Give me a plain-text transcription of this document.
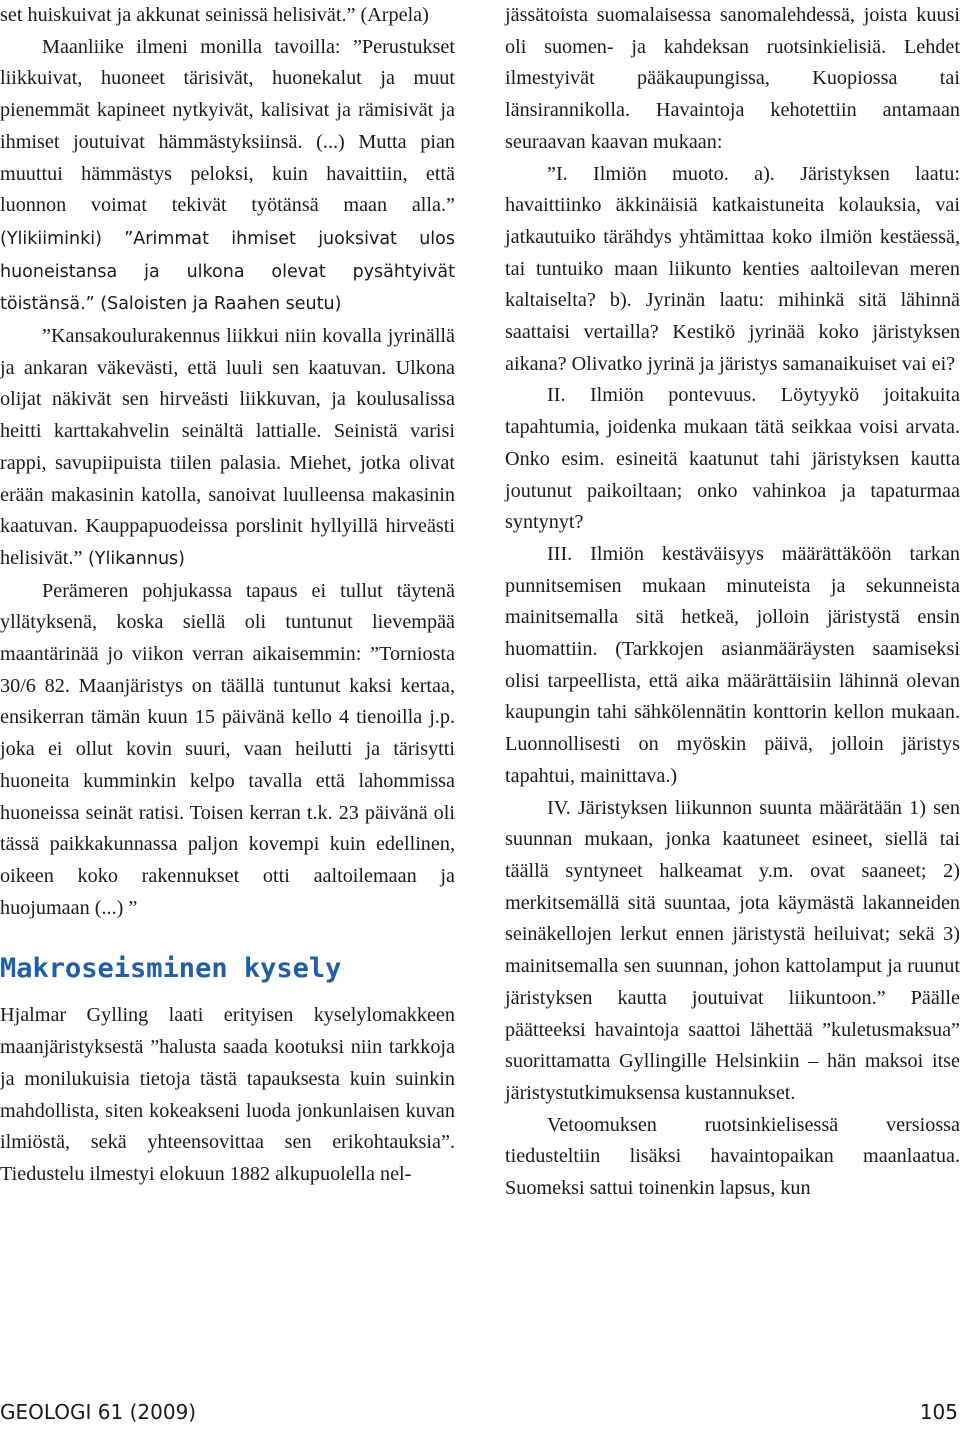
set huiskuivat ja akkunat seinissä helisivät.” (Arpela)

Maanliike ilmeni monilla tavoilla: ”Perustukset liikkuivat, huoneet tärisivät, huonekalut ja muut pienemmät kapineet nytkyivät, kalisivat ja rämisivät ja ihmiset joutuivat hämmästyksiinsä. (...) Mutta pian muuttui hämmästys peloksi, kuin havaittiin, että luonnon voimat tekivät työtänsä maan alla.” (Ylikiiminki) ”Arimmat ihmiset juoksivat ulos huoneistansa ja ulkona olevat pysähtyivät töistänsä.” (Saloisten ja Raahen seutu)

”Kansakoulurakennus liikkui niin kovalla jyrinällä ja ankaran väkevästi, että luuli sen kaatuvan. Ulkona olijat näkivät sen hirveästi liikkuvan, ja koulusalissa heitti karttakahvelin seinältä lattialle. Seinistä varisi rappi, savupiipuista tiilen palasia. Miehet, jotka olivat erään makasinin katolla, sanoivat luulleensa makasinin kaatuvan. Kauppapuodeissa porslinit hyllyillä hirveästi helisivät.” (Ylikannus)

Perämeren pohjukassa tapaus ei tullut täytenä yllätyksenä, koska siellä oli tuntunut lievempää maantärinää jo viikon verran aikaisemmin: ”Torniosta 30/6 82. Maanjäristys on täällä tuntunut kaksi kertaa, ensikerran tämän kuun 15 päivänä kello 4 tienoilla j.p. joka ei ollut kovin suuri, vaan heilutti ja tärisytti huoneita kumminkin kelpo tavalla että lahommissa huoneissa seinät ratisi. Toisen kerran t.k. 23 päivänä oli tässä paikkakunnassa paljon kovempi kuin edellinen, oikeen koko rakennukset otti aaltoilemaan ja huojumaan (...) ”

Makroseisminen kysely

Hjalmar Gylling laati erityisen kyselylomakkeen maanjäristyksestä ”halusta saada kootuksi niin tarkkoja ja monilukuisia tietoja tästä tapauksesta kuin suinkin mahdollista, siten kokeakseni luoda jonkunlaisen kuvan ilmiöstä, sekä yhteensovittaa sen erikohtauksia”. Tiedustelu ilmestyi elokuun 1882 alkupuolella nel-

jässätoista suomalaisessa sanomalehdessä, joista kuusi oli suomen- ja kahdeksan ruotsinkielisiä. Lehdet ilmestyivät pääkaupungissa, Kuopiossa tai länsirannikolla. Havaintoja kehotettiin antamaan seuraavan kaavan mukaan:

”I. Ilmiön muoto. a). Järistyksen laatu: havaittiinko äkkinäisiä katkaistuneita kolauksia, vai jatkautuiko tärähdys yhtämittaa koko ilmiön kestäessä, tai tuntuiko maan liikunto kenties aaltoilevan meren kaltaiselta? b). Jyrinän laatu: mihinkä sitä lähinnä saattaisi vertailla? Kestikö jyrinää koko järistyksen aikana? Olivatko jyrinä ja järistys samanaikuiset vai ei?

II. Ilmiön pontevuus. Löytyykö joitakuita tapahtumia, joidenka mukaan tätä seikkaa voisi arvata. Onko esim. esineitä kaatunut tahi järistyksen kautta joutunut paikoiltaan; onko vahinkoa ja tapaturmaa syntynyt?

III. Ilmiön kestäväisyys määrättäköön tarkan punnitsemisen mukaan minuteista ja sekunneista mainitsemalla sitä hetkeä, jolloin järistystä ensin huomattiin. (Tarkkojen asianmääräysten saamiseksi olisi tarpeellista, että aika määrättäisiin lähinnä olevan kaupungin tahi sähkölennätin konttorin kellon mukaan. Luonnollisesti on myöskin päivä, jolloin järistys tapahtui, mainittava.)

IV. Järistyksen liikunnon suunta määrätään 1) sen suunnan mukaan, jonka kaatuneet esineet, siellä tai täällä syntyneet halkeamat y.m. ovat saaneet; 2) merkitsemällä sitä suuntaa, jota käymästä lakanneiden seinäkellojen lerkut ennen järistystä heiluivat; sekä 3) mainitsemalla sen suunnan, johon kattolamput ja ruunut järistyksen kautta joutuivat liikuntoon.” Päälle päätteeksi havaintoja saattoi lähettää ”kuletusmaksua” suorittamatta Gyllingille Helsinkiin – hän maksoi itse järistystutkimuksensa kustannukset.

Vetoomuksen ruotsinkielisessä versiossa tiedusteltiin lisäksi havaintopaikan maanlaatua. Suomeksi sattui toinenkin lapsus, kun

GEOLOGI 61 (2009)	105
